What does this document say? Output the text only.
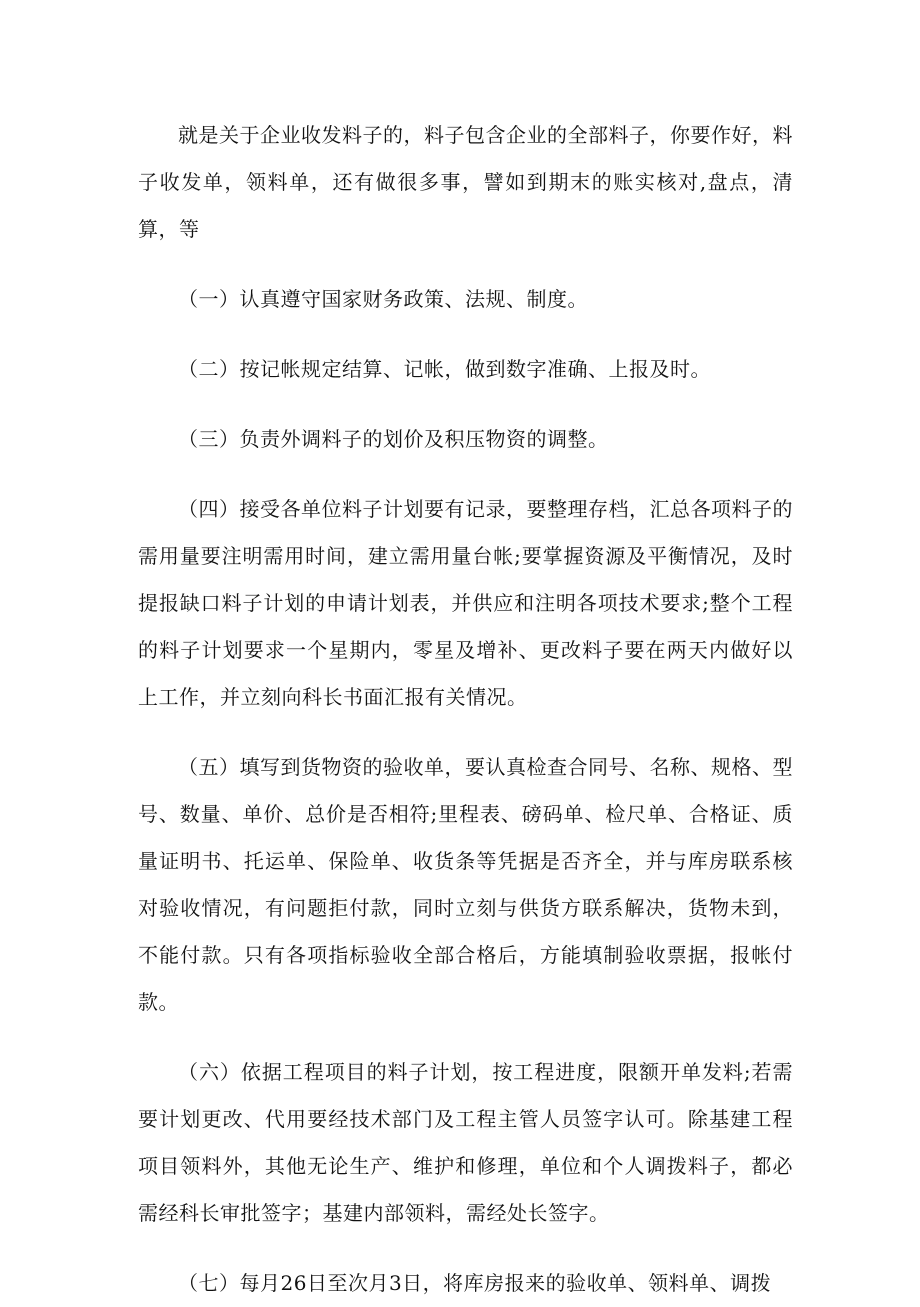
就是关于企业收发料子的，料子包含企业的全部料子，你要作好，料子收发单，领料单，还有做很多事，譬如到期末的账实核对,盘点，清算，等

（一）认真遵守国家财务政策、法规、制度。

（二）按记帐规定结算、记帐，做到数字准确、上报及时。

（三）负责外调料子的划价及积压物资的调整。

（四）接受各单位料子计划要有记录，要整理存档，汇总各项料子的需用量要注明需用时间，建立需用量台帐;要掌握资源及平衡情况，及时提报缺口料子计划的申请计划表，并供应和注明各项技术要求;整个工程的料子计划要求一个星期内，零星及增补、更改料子要在两天内做好以上工作，并立刻向科长书面汇报有关情况。

（五）填写到货物资的验收单，要认真检查合同号、名称、规格、型号、数量、单价、总价是否相符;里程表、磅码单、检尺单、合格证、质量证明书、托运单、保险单、收货条等凭据是否齐全，并与库房联系核对验收情况，有问题拒付款，同时立刻与供货方联系解决，货物未到，不能付款。只有各项指标验收全部合格后，方能填制验收票据，报帐付款。

（六）依据工程项目的料子计划，按工程进度，限额开单发料;若需要计划更改、代用要经技术部门及工程主管人员签字认可。除基建工程项目领料外，其他无论生产、维护和修理，单位和个人调拨料子，都必需经科长审批签字；基建内部领料，需经处长签字。

（七）每月26日至次月3日，将库房报来的验收单、领料单、调拨
